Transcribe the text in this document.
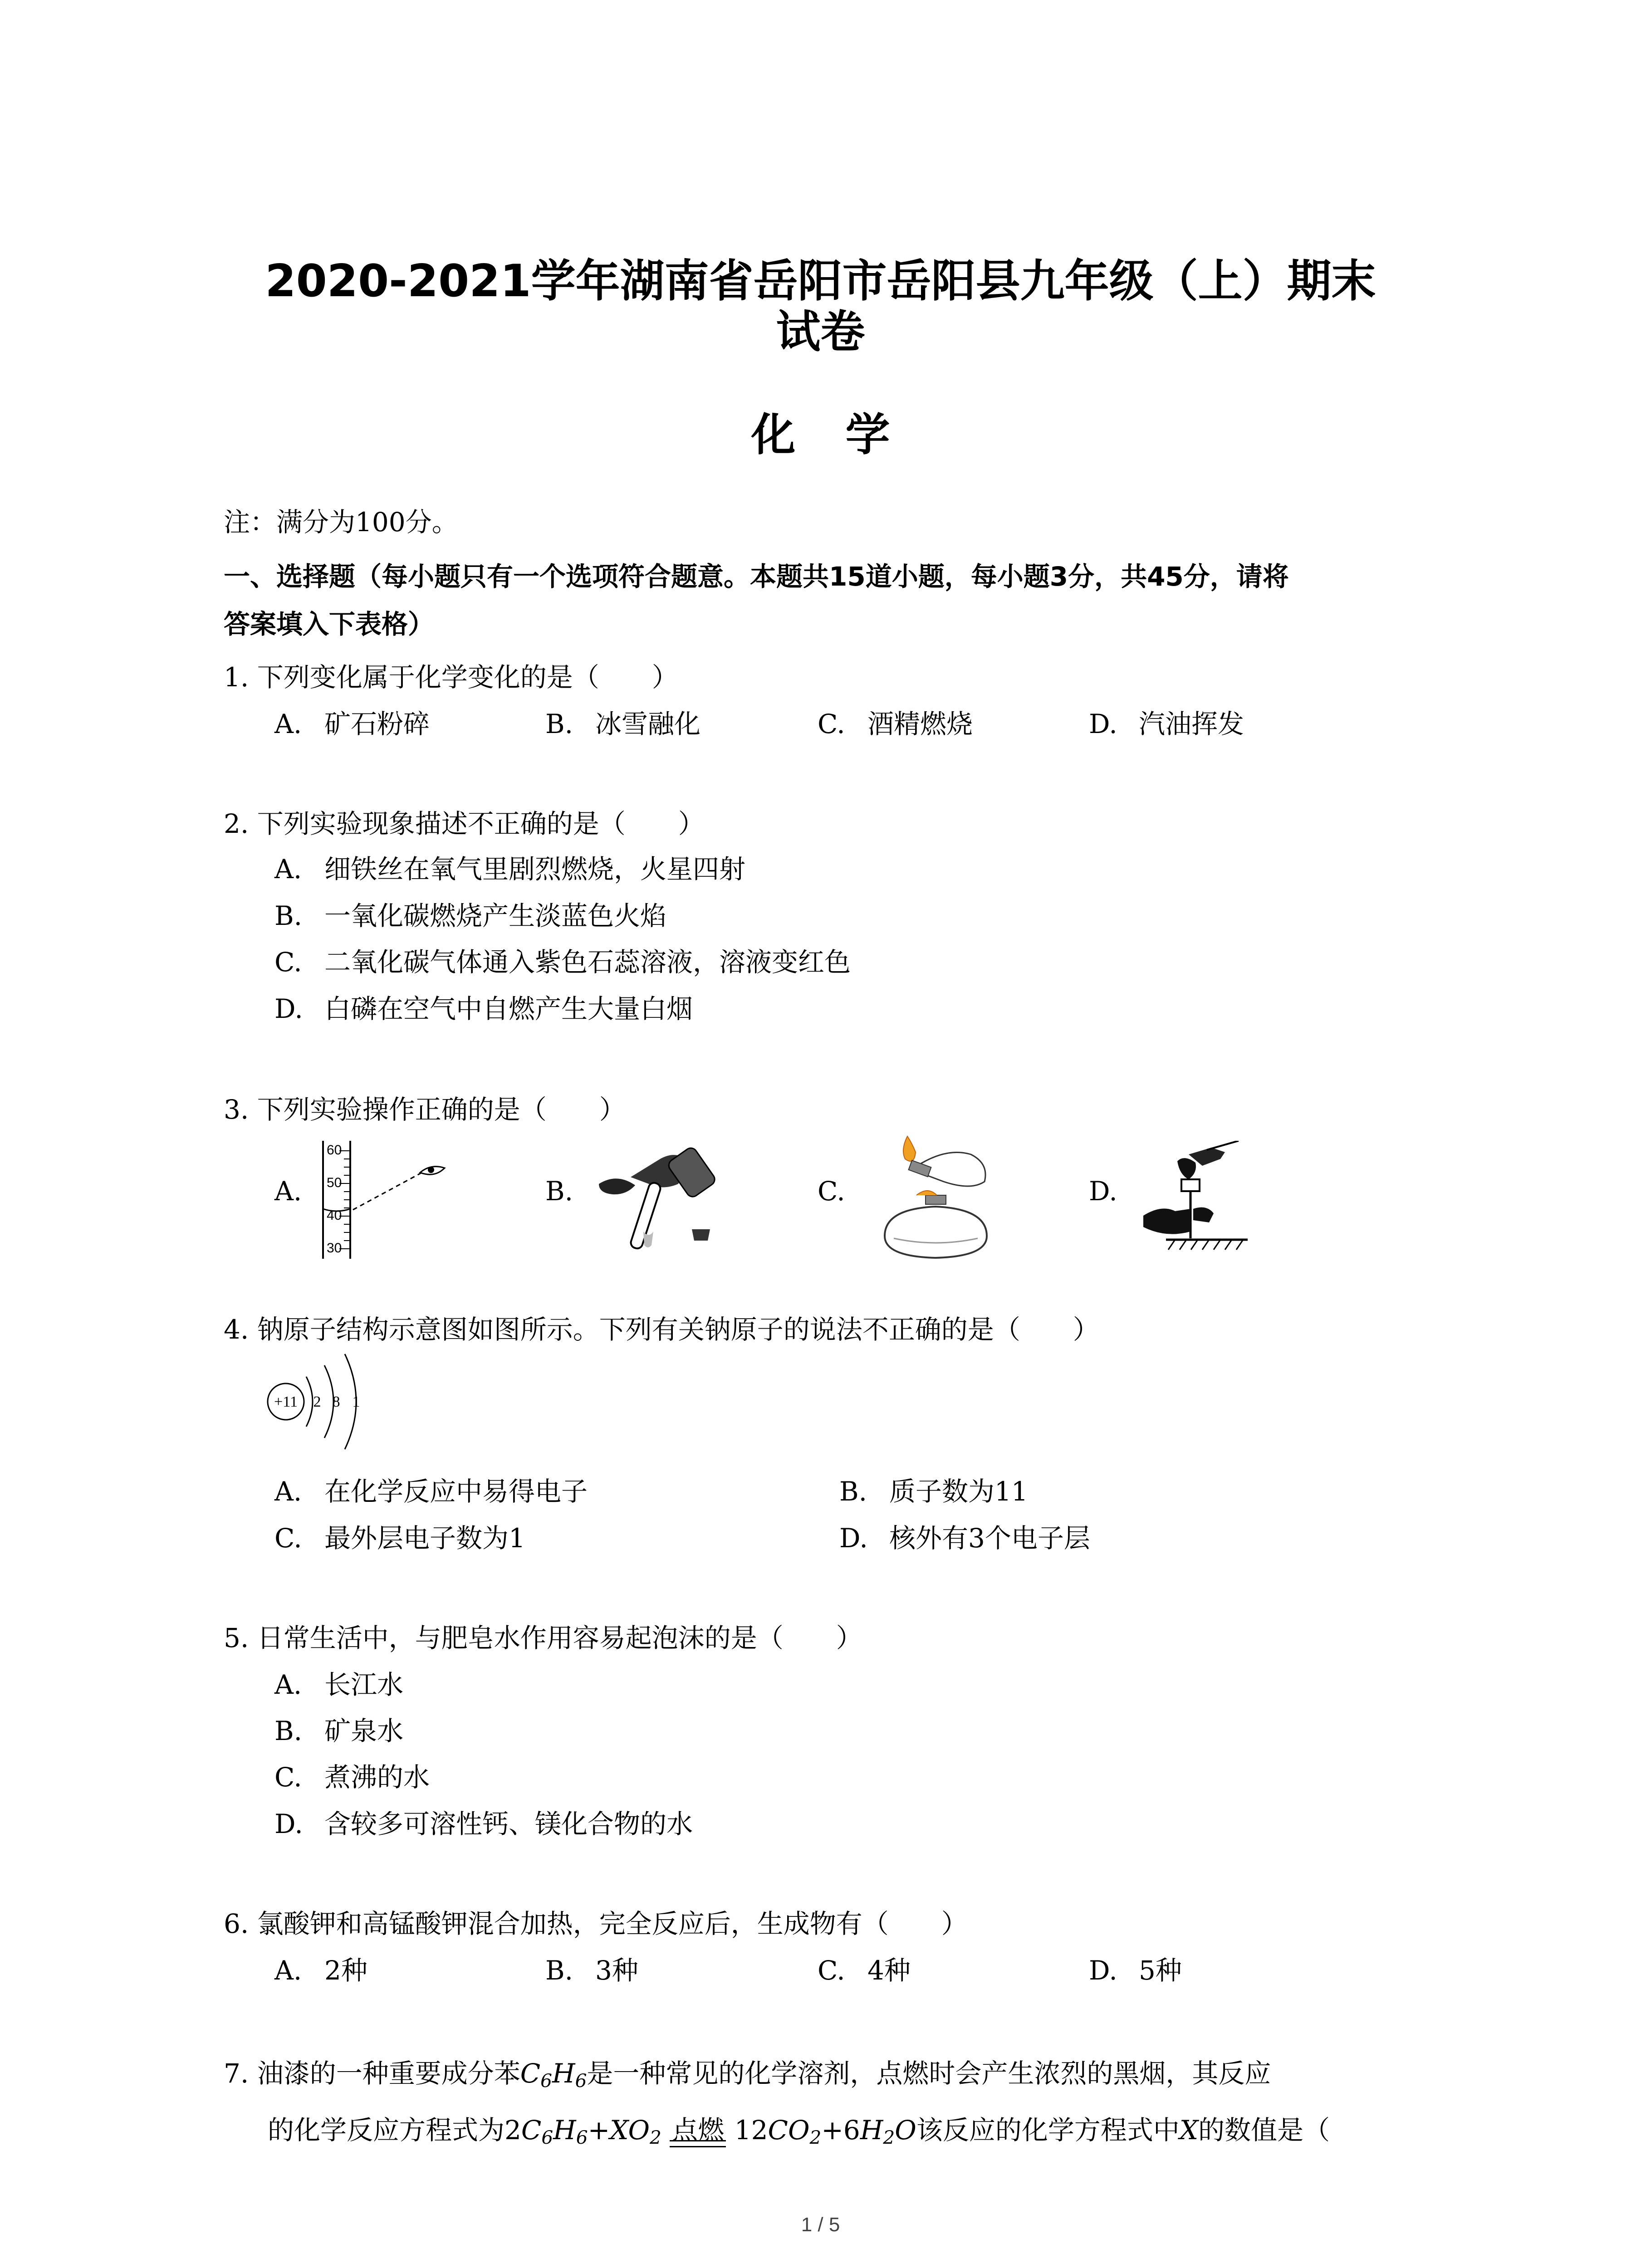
2020-2021学年湖南省岳阳市岳阳县九年级（上）期末
试卷
化学
注：满分为100分。
一、选择题（每小题只有一个选项符合题意。本题共15道小题，每小题3分，共45分，请将
答案填入下表格）
1. 下列变化属于化学变化的是（　　）
A. 矿石粉碎	B. 冰雪融化	C. 酒精燃烧	D. 汽油挥发
2. 下列实验现象描述不正确的是（　　）
A. 细铁丝在氧气里剧烈燃烧，火星四射
B. 一氧化碳燃烧产生淡蓝色火焰
C. 二氧化碳气体通入紫色石蕊溶液，溶液变红色
D. 白磷在空气中自燃产生大量白烟
3. 下列实验操作正确的是（　　）
A.	B.	C.	D.
60
50
40
30
4. 钠原子结构示意图如图所示。下列有关钠原子的说法不正确的是（　　）
+11 2 8 1
A. 在化学反应中易得电子	B. 质子数为11
C. 最外层电子数为1	D. 核外有3个电子层
5. 日常生活中，与肥皂水作用容易起泡沫的是（　　）
A. 长江水
B. 矿泉水
C. 煮沸的水
D. 含较多可溶性钙、镁化合物的水
6. 氯酸钾和高锰酸钾混合加热，完全反应后，生成物有（　　）
A. 2种	B. 3种	C. 4种	D. 5种
7. 油漆的一种重要成分苯$C_6H_6$是一种常见的化学溶剂，点燃时会产生浓烈的黑烟，其反应
的化学反应方程式为$2C_6H_6+XO_2$ 点燃 $12CO_2+6H_2O$该反应的化学方程式中X的数值是（
1 / 5
